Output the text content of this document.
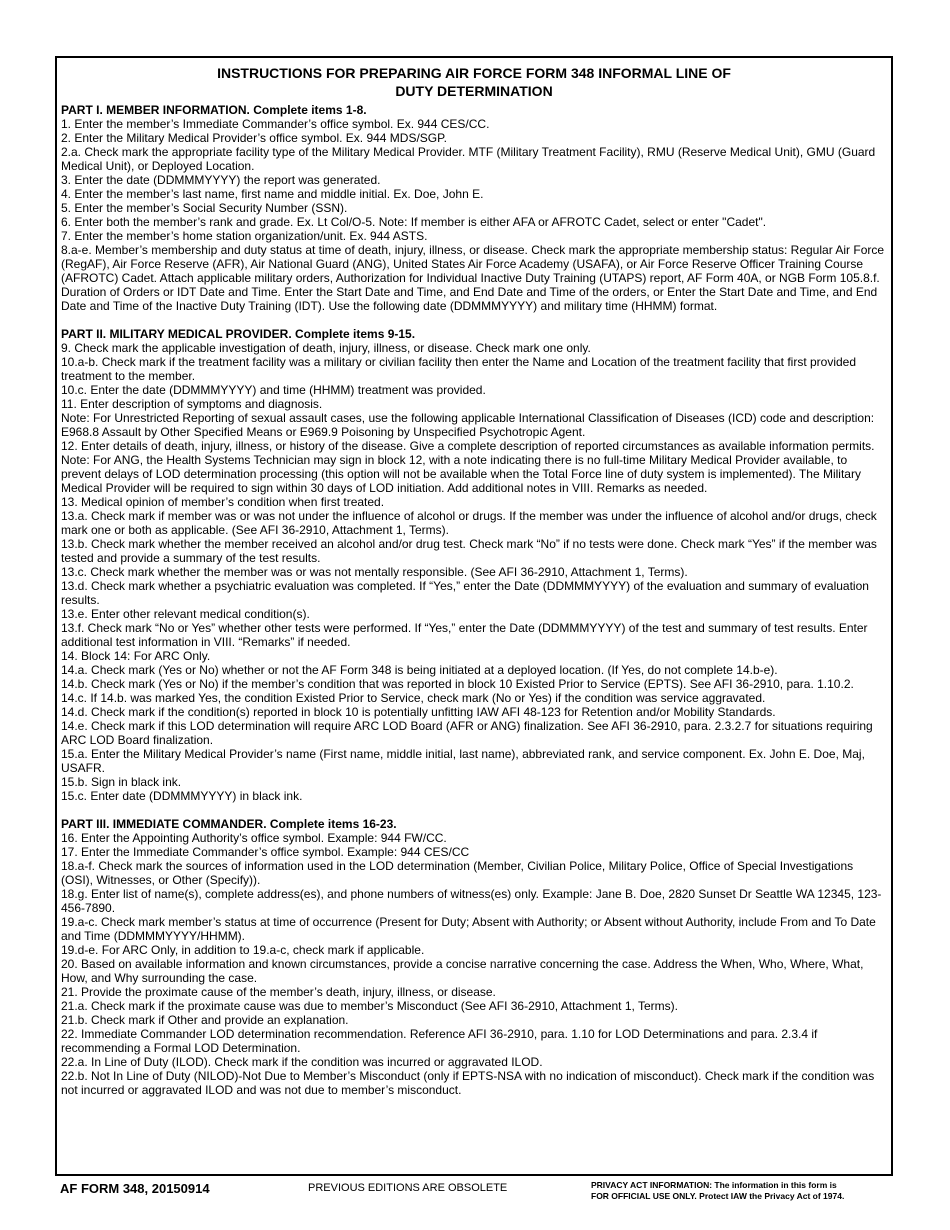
INSTRUCTIONS FOR PREPARING AIR FORCE FORM 348 INFORMAL LINE OF
DUTY DETERMINATION
PART I. MEMBER INFORMATION. Complete items 1-8.
1. Enter the member’s Immediate Commander’s office symbol. Ex. 944 CES/CC.
2. Enter the Military Medical Provider’s office symbol. Ex. 944 MDS/SGP.
2.a. Check mark the appropriate facility type of the Military Medical Provider. MTF (Military Treatment Facility), RMU (Reserve Medical Unit), GMU (Guard Medical Unit), or Deployed Location.
3. Enter the date (DDMMMYYYY) the report was generated.
4. Enter the member’s last name, first name and middle initial. Ex. Doe, John E.
5. Enter the member’s Social Security Number (SSN).
6. Enter both the member’s rank and grade. Ex. Lt Col/O-5. Note: If member is either AFA or AFROTC Cadet, select or enter "Cadet".
7. Enter the member’s home station organization/unit. Ex. 944 ASTS.
8.a-e. Member’s membership and duty status at time of death, injury, illness, or disease. Check mark the appropriate membership status: Regular Air Force (RegAF), Air Force Reserve (AFR), Air National Guard (ANG), United States Air Force Academy (USAFA), or Air Force Reserve Officer Training Course (AFROTC) Cadet. Attach applicable military orders, Authorization for Individual Inactive Duty Training (UTAPS) report, AF Form 40A, or NGB Form 105.8.f. Duration of Orders or IDT Date and Time. Enter the Start Date and Time, and End Date and Time of the orders, or Enter the Start Date and Time, and End Date and Time of the Inactive Duty Training (IDT). Use the following date (DDMMMYYYY) and military time (HHMM) format.
PART II. MILITARY MEDICAL PROVIDER. Complete items 9-15.
9. Check mark the applicable investigation of death, injury, illness, or disease. Check mark one only.
10.a-b. Check mark if the treatment facility was a military or civilian facility then enter the Name and Location of the treatment facility that first provided treatment to the member.
10.c. Enter the date (DDMMMYYYY) and time (HHMM) treatment was provided.
11. Enter description of symptoms and diagnosis.
Note: For Unrestricted Reporting of sexual assault cases, use the following applicable International Classification of Diseases (ICD) code and description: E968.8 Assault by Other Specified Means or E969.9 Poisoning by Unspecified Psychotropic Agent.
12. Enter details of death, injury, illness, or history of the disease. Give a complete description of reported circumstances as available information permits.
Note: For ANG, the Health Systems Technician may sign in block 12, with a note indicating there is no full-time Military Medical Provider available, to prevent delays of LOD determination processing (this option will not be available when the Total Force line of duty system is implemented). The Military Medical Provider will be required to sign within 30 days of LOD initiation. Add additional notes in VIII. Remarks as needed.
13. Medical opinion of member’s condition when first treated.
13.a. Check mark if member was or was not under the influence of alcohol or drugs. If the member was under the influence of alcohol and/or drugs, check mark one or both as applicable. (See AFI 36-2910, Attachment 1, Terms).
13.b. Check mark whether the member received an alcohol and/or drug test. Check mark “No” if no tests were done. Check mark “Yes” if the member was tested and provide a summary of the test results.
13.c. Check mark whether the member was or was not mentally responsible. (See AFI 36-2910, Attachment 1, Terms).
13.d. Check mark whether a psychiatric evaluation was completed. If “Yes,” enter the Date (DDMMMYYYY) of the evaluation and summary of evaluation results.
13.e. Enter other relevant medical condition(s).
13.f. Check mark “No or Yes” whether other tests were performed. If “Yes,” enter the Date (DDMMMYYYY) of the test and summary of test results. Enter additional test information in VIII. “Remarks” if needed.
14. Block 14: For ARC Only.
14.a. Check mark (Yes or No) whether or not the AF Form 348 is being initiated at a deployed location. (If Yes, do not complete 14.b-e).
14.b. Check mark (Yes or No) if the member’s condition that was reported in block 10 Existed Prior to Service (EPTS). See AFI 36-2910, para. 1.10.2.
14.c. If 14.b. was marked Yes, the condition Existed Prior to Service, check mark (No or Yes) if the condition was service aggravated.
14.d. Check mark if the condition(s) reported in block 10 is potentially unfitting IAW AFI 48-123 for Retention and/or Mobility Standards.
14.e. Check mark if this LOD determination will require ARC LOD Board (AFR or ANG) finalization. See AFI 36-2910, para. 2.3.2.7 for situations requiring ARC LOD Board finalization.
15.a. Enter the Military Medical Provider’s name (First name, middle initial, last name), abbreviated rank, and service component. Ex. John E. Doe, Maj, USAFR.
15.b. Sign in black ink.
15.c. Enter date (DDMMMYYYY) in black ink.
PART III. IMMEDIATE COMMANDER. Complete items 16-23.
16. Enter the Appointing Authority’s office symbol. Example: 944 FW/CC.
17. Enter the Immediate Commander’s office symbol. Example: 944 CES/CC
18.a-f. Check mark the sources of information used in the LOD determination (Member, Civilian Police, Military Police, Office of Special Investigations (OSI), Witnesses, or Other (Specify)).
18.g. Enter list of name(s), complete address(es), and phone numbers of witness(es) only. Example: Jane B. Doe, 2820 Sunset Dr Seattle WA 12345, 123-456-7890.
19.a-c. Check mark member’s status at time of occurrence (Present for Duty; Absent with Authority; or Absent without Authority, include From and To Date and Time (DDMMMYYYY/HHMM).
19.d-e. For ARC Only, in addition to 19.a-c, check mark if applicable.
20. Based on available information and known circumstances, provide a concise narrative concerning the case. Address the When, Who, Where, What, How, and Why surrounding the case.
21. Provide the proximate cause of the member’s death, injury, illness, or disease.
21.a. Check mark if the proximate cause was due to member’s Misconduct (See AFI 36-2910, Attachment 1, Terms).
21.b. Check mark if Other and provide an explanation.
22. Immediate Commander LOD determination recommendation. Reference AFI 36-2910, para. 1.10 for LOD Determinations and para. 2.3.4 if recommending a Formal LOD Determination.
22.a. In Line of Duty (ILOD). Check mark if the condition was incurred or aggravated ILOD.
22.b. Not In Line of Duty (NILOD)-Not Due to Member’s Misconduct (only if EPTS-NSA with no indication of misconduct). Check mark if the condition was not incurred or aggravated ILOD and was not due to member’s misconduct.
AF FORM 348, 20150914	PREVIOUS EDITIONS ARE OBSOLETE	PRIVACY ACT INFORMATION: The information in this form is
FOR OFFICIAL USE ONLY. Protect IAW the Privacy Act of 1974.
